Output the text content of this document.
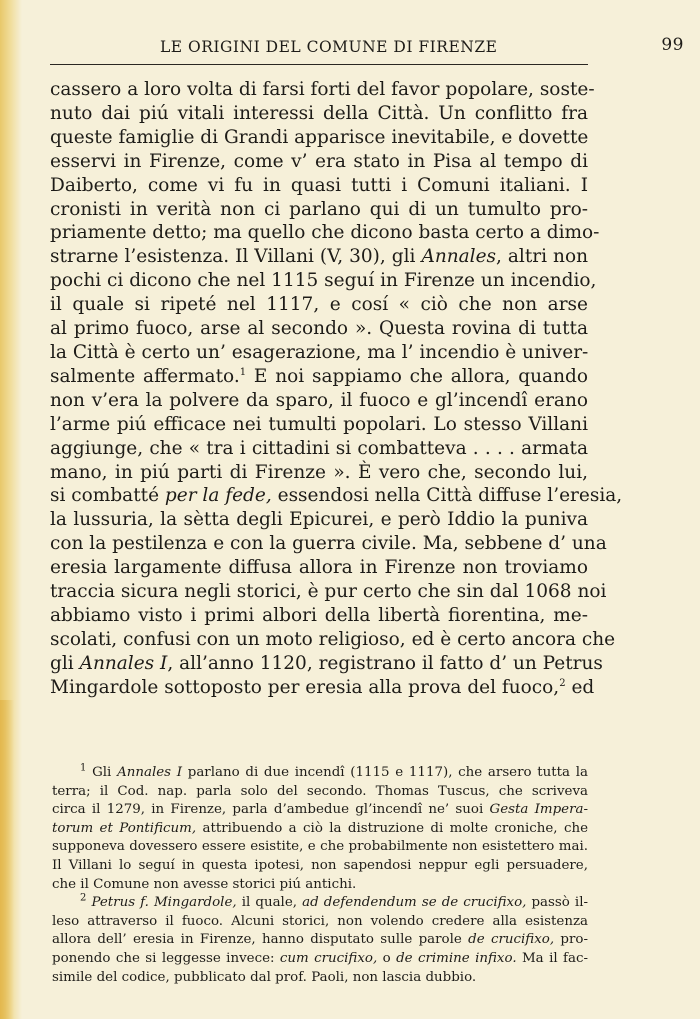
LE ORIGINI DEL COMUNE DI FIRENZE	99
cassero a loro volta di farsi forti del favor popolare, soste-
nuto dai piú vitali interessi della Città. Un conflitto fra
queste famiglie di Grandi apparisce inevitabile, e dovette
esservi in Firenze, come v’ era stato in Pisa al tempo di
Daiberto, come vi fu in quasi tutti i Comuni italiani. I
cronisti in verità non ci parlano qui di un tumulto pro-
priamente detto; ma quello che dicono basta certo a dimo-
strarne l’esistenza. Il Villani (V, 30), gli Annales, altri non
pochi ci dicono che nel 1115 seguí in Firenze un incendio,
il quale si ripeté nel 1117, e cosí « ciò che non arse
al primo fuoco, arse al secondo ». Questa rovina di tutta
la Città è certo un’ esagerazione, ma l’ incendio è univer-
salmente affermato.$^1$ E noi sappiamo che allora, quando
non v’era la polvere da sparo, il fuoco e gl’incendî erano
l’arme piú efficace nei tumulti popolari. Lo stesso Villani
aggiunge, che « tra i cittadini si combatteva . . . . armata
mano, in piú parti di Firenze ». È vero che, secondo lui,
si combatté per la fede, essendosi nella Città diffuse l’eresia,
la lussuria, la sètta degli Epicurei, e però Iddio la puniva
con la pestilenza e con la guerra civile. Ma, sebbene d’ una
eresia largamente diffusa allora in Firenze non troviamo
traccia sicura negli storici, è pur certo che sin dal 1068 noi
abbiamo visto i primi albori della libertà fiorentina, me-
scolati, confusi con un moto religioso, ed è certo ancora che
gli Annales I, all’anno 1120, registrano il fatto d’ un Petrus
Mingardole sottoposto per eresia alla prova del fuoco,$^2$ ed
$^1$ Gli Annales I parlano di due incendî (1115 e 1117), che arsero tutta la
terra; il Cod. nap. parla solo del secondo. Thomas Tuscus, che scriveva
circa il 1279, in Firenze, parla d’ambedue gl’incendî ne’ suoi Gesta Impera-
torum et Pontificum, attribuendo a ciò la distruzione di molte croniche, che
supponeva dovessero essere esistite, e che probabilmente non esistettero mai.
Il Villani lo seguí in questa ipotesi, non sapendosi neppur egli persuadere,
che il Comune non avesse storici piú antichi.
$^2$ Petrus f. Mingardole, il quale, ad defendendum se de crucifixo, passò il-
leso attraverso il fuoco. Alcuni storici, non volendo credere alla esistenza
allora dell’ eresia in Firenze, hanno disputato sulle parole de crucifixo, pro-
ponendo che si leggesse invece: cum crucifixo, o de crimine infixo. Ma il fac-
simile del codice, pubblicato dal prof. Paoli, non lascia dubbio.
